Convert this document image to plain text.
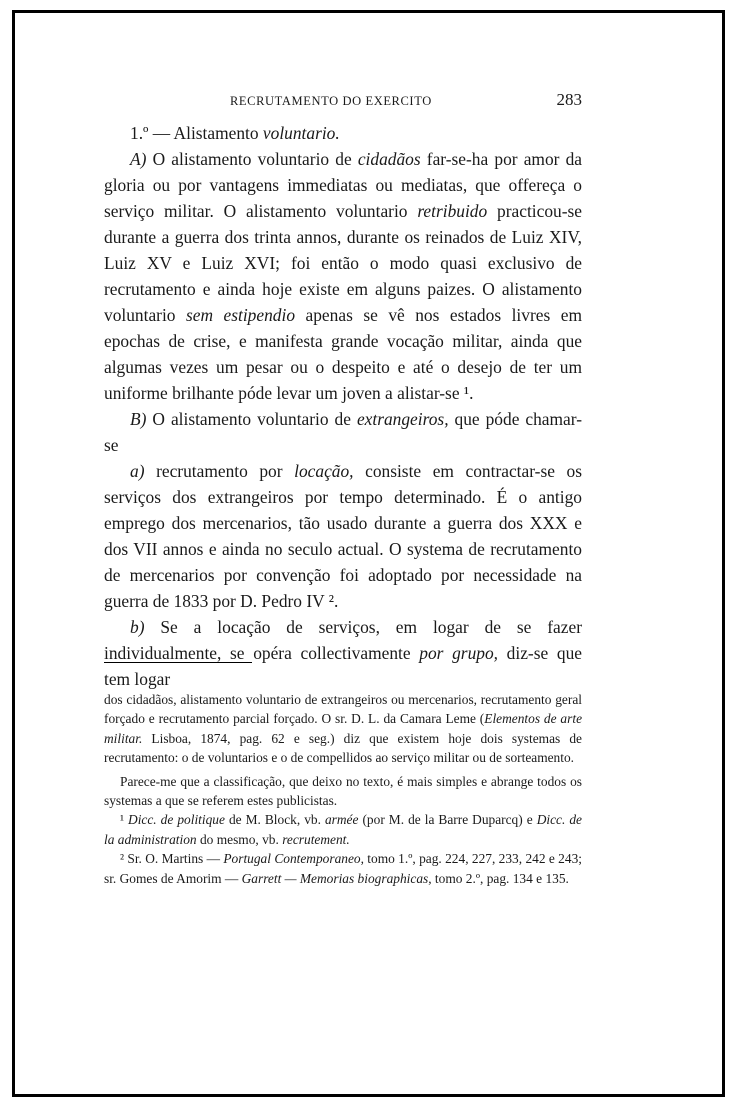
RECRUTAMENTO DO EXERCITO	283

1.º — Alistamento voluntario.

A) O alistamento voluntario de cidadãos far-se-ha por amor da gloria ou por vantagens immediatas ou mediatas, que offereça o serviço militar. O alistamento voluntario retribuido practicou-se durante a guerra dos trinta annos, durante os reinados de Luiz XIV, Luiz XV e Luiz XVI; foi então o modo quasi exclusivo de recrutamento e ainda hoje existe em alguns paizes. O alistamento voluntario sem estipendio apenas se vê nos estados livres em epochas de crise, e manifesta grande vocação militar, ainda que algumas vezes um pesar ou o despeito e até o desejo de ter um uniforme brilhante póde levar um joven a alistar-se ¹.

B) O alistamento voluntario de extrangeiros, que póde chamar-se

a) recrutamento por locação, consiste em contractar-se os serviços dos extrangeiros por tempo determinado. É o antigo emprego dos mercenarios, tão usado durante a guerra dos XXX e dos VII annos e ainda no seculo actual. O systema de recrutamento de mercenarios por convenção foi adoptado por necessidade na guerra de 1833 por D. Pedro IV ².

b) Se a locação de serviços, em logar de se fazer individualmente, se opéra collectivamente por grupo, diz-se que tem logar

dos cidadãos, alistamento voluntario de extrangeiros ou mercenarios, recrutamento geral forçado e recrutamento parcial forçado. O sr. D. L. da Camara Leme (Elementos de arte militar. Lisboa, 1874, pag. 62 e seg.) diz que existem hoje dois systemas de recrutamento: o de voluntarios e o de compellidos ao serviço militar ou de sorteamento.

Parece-me que a classificação, que deixo no texto, é mais simples e abrange todos os systemas a que se referem estes publicistas.

¹ Dicc. de politique de M. Block, vb. armée (por M. de la Barre Duparcq) e Dicc. de la administration do mesmo, vb. recrutement.

² Sr. O. Martins — Portugal Contemporaneo, tomo 1.º, pag. 224, 227, 233, 242 e 243; sr. Gomes de Amorim — Garrett — Memorias biographicas, tomo 2.º, pag. 134 e 135.
